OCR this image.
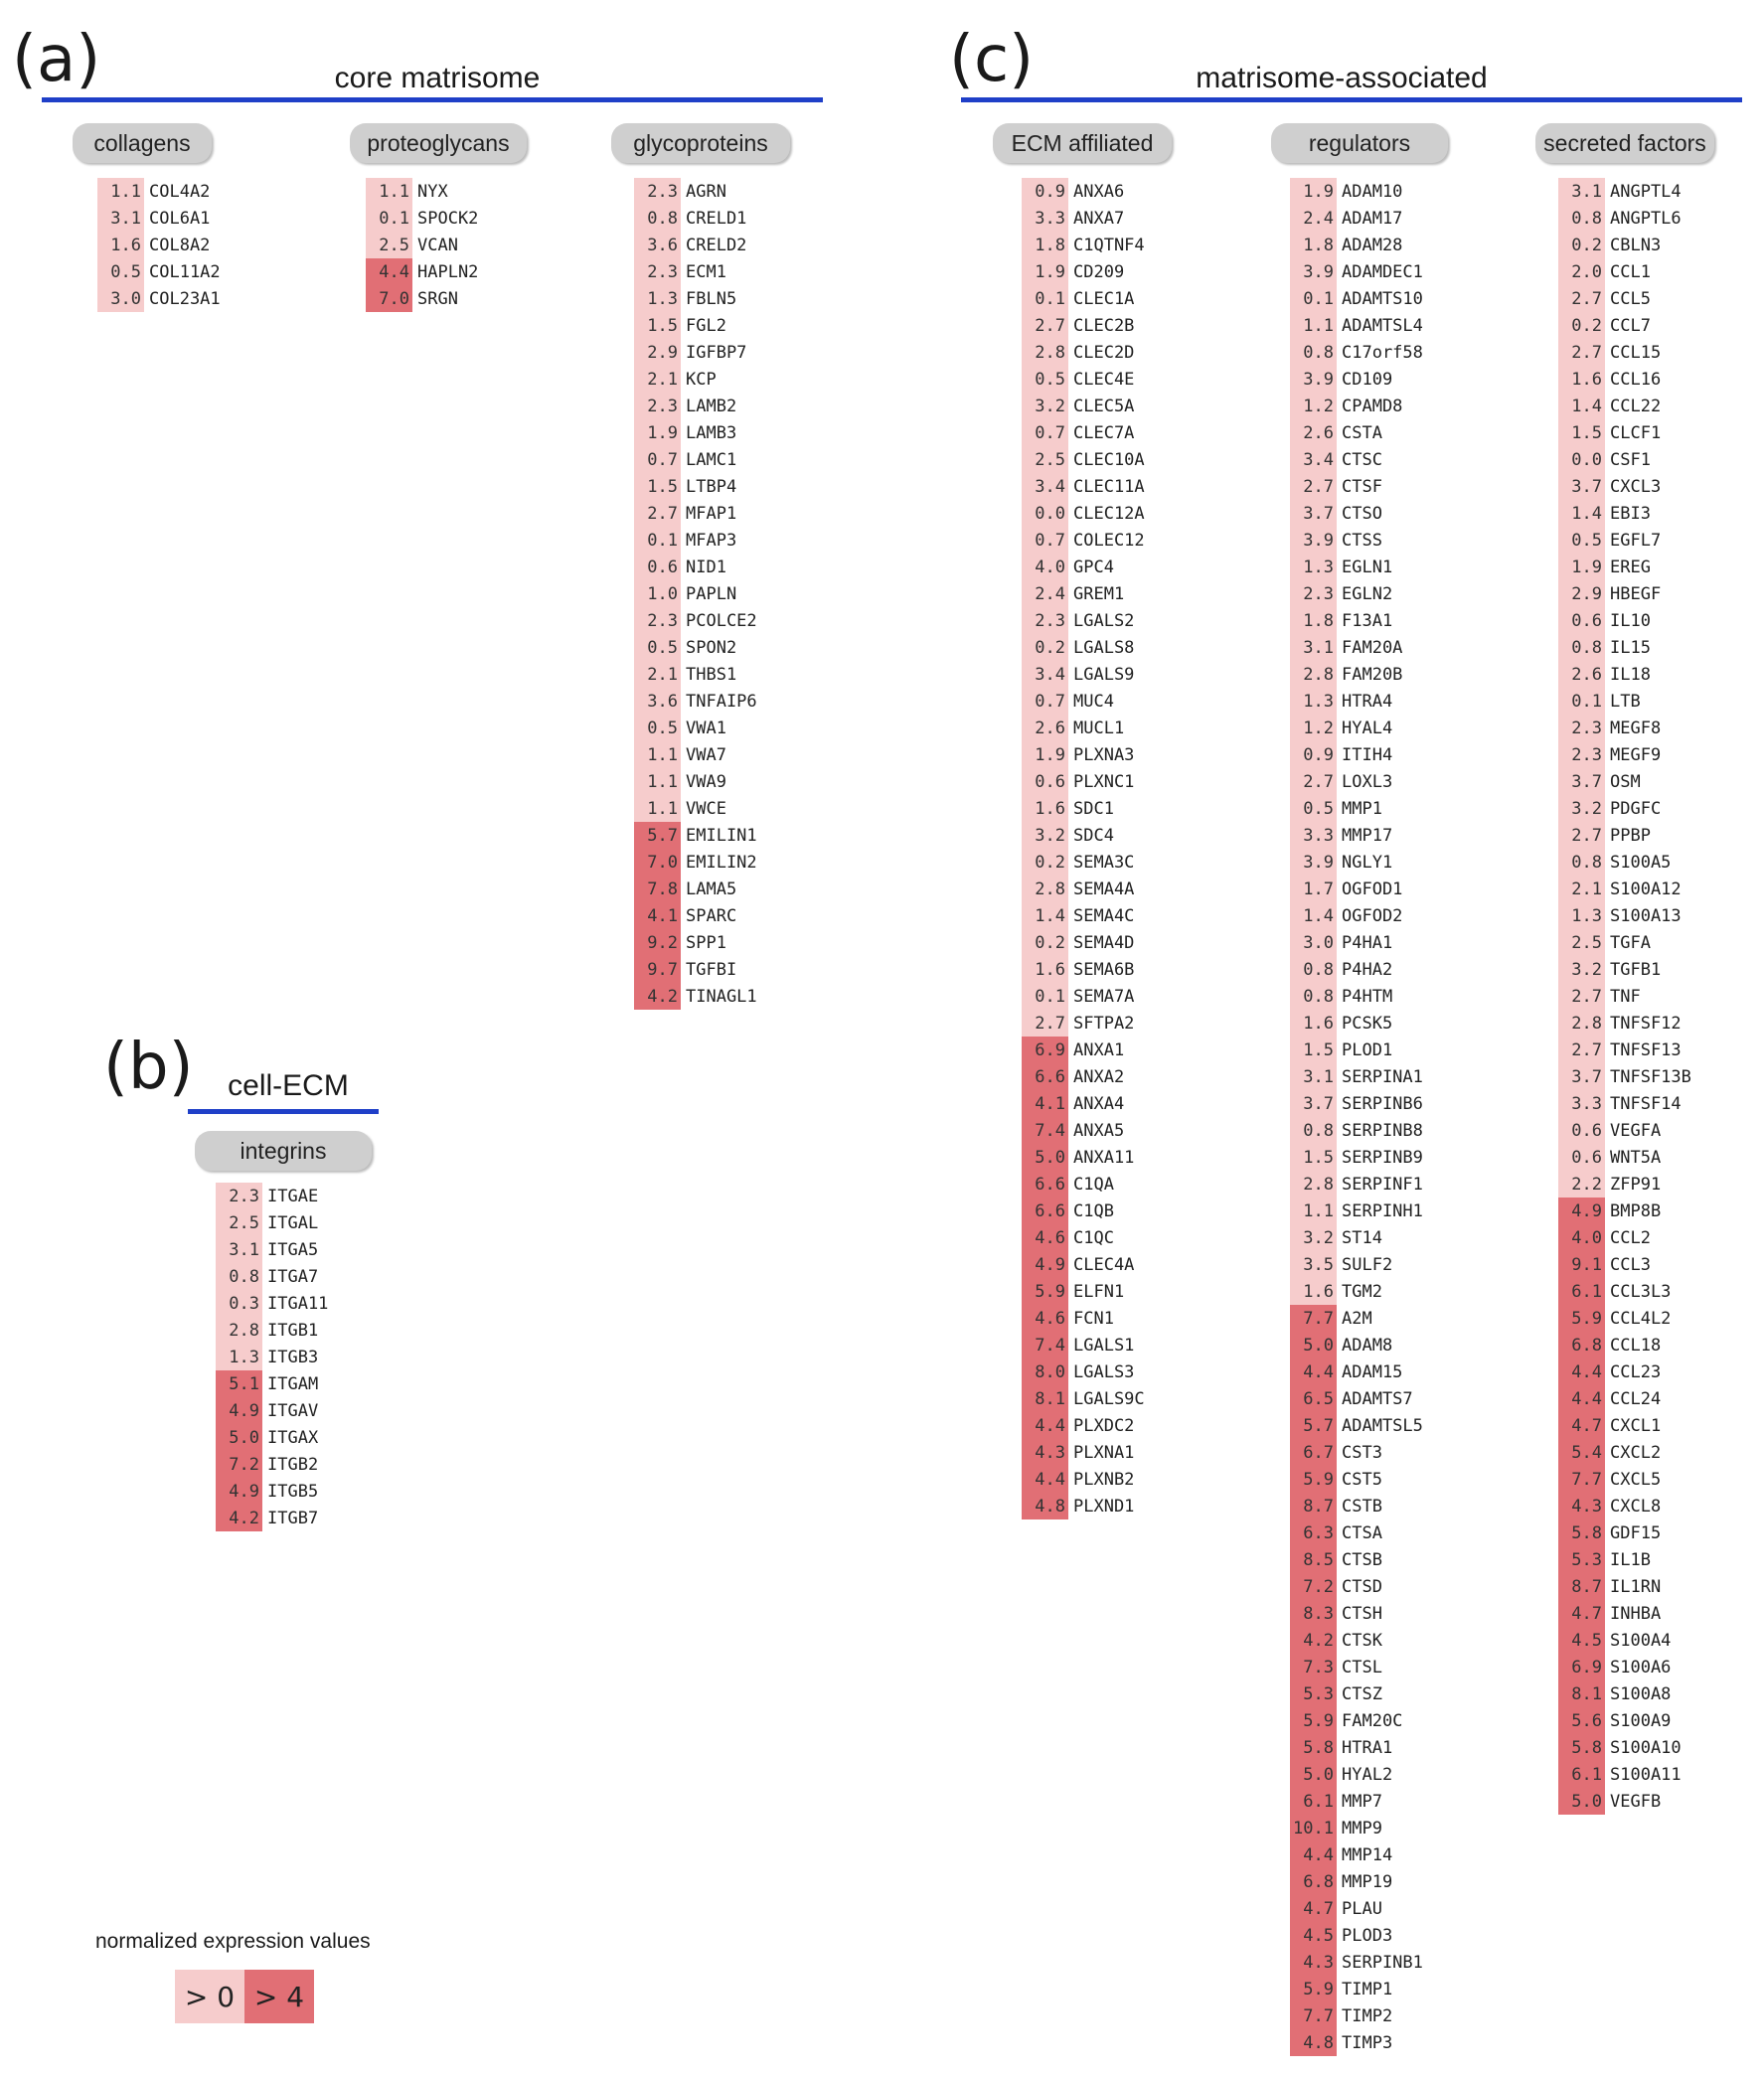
(a)	core matrisome
collagens	proteoglycans	glycoproteins
1.1 COL4A2
3.1 COL6A1
1.6 COL8A2
0.5 COL11A2
3.0 COL23A1
1.1 NYX
0.1 SPOCK2
2.5 VCAN
4.4 HAPLN2
7.0 SRGN
2.3 AGRN
0.8 CRELD1
3.6 CRELD2
2.3 ECM1
1.3 FBLN5
1.5 FGL2
2.9 IGFBP7
2.1 KCP
2.3 LAMB2
1.9 LAMB3
0.7 LAMC1
1.5 LTBP4
2.7 MFAP1
0.1 MFAP3
0.6 NID1
1.0 PAPLN
2.3 PCOLCE2
0.5 SPON2
2.1 THBS1
3.6 TNFAIP6
0.5 VWA1
1.1 VWA7
1.1 VWA9
1.1 VWCE
5.7 EMILIN1
7.0 EMILIN2
7.8 LAMA5
4.1 SPARC
9.2 SPP1
9.7 TGFBI
4.2 TINAGL1
(b)	cell-ECM
integrins
2.3 ITGAE
2.5 ITGAL
3.1 ITGA5
0.8 ITGA7
0.3 ITGA11
2.8 ITGB1
1.3 ITGB3
5.1 ITGAM
4.9 ITGAV
5.0 ITGAX
7.2 ITGB2
4.9 ITGB5
4.2 ITGB7
(c)	matrisome-associated
ECM affiliated	regulators	secreted factors
0.9 ANXA6
3.3 ANXA7
1.8 C1QTNF4
1.9 CD209
0.1 CLEC1A
2.7 CLEC2B
2.8 CLEC2D
0.5 CLEC4E
3.2 CLEC5A
0.7 CLEC7A
2.5 CLEC10A
3.4 CLEC11A
0.0 CLEC12A
0.7 COLEC12
4.0 GPC4
2.4 GREM1
2.3 LGALS2
0.2 LGALS8
3.4 LGALS9
0.7 MUC4
2.6 MUCL1
1.9 PLXNA3
0.6 PLXNC1
1.6 SDC1
3.2 SDC4
0.2 SEMA3C
2.8 SEMA4A
1.4 SEMA4C
0.2 SEMA4D
1.6 SEMA6B
0.1 SEMA7A
2.7 SFTPA2
6.9 ANXA1
6.6 ANXA2
4.1 ANXA4
7.4 ANXA5
5.0 ANXA11
6.6 C1QA
6.6 C1QB
4.6 C1QC
4.9 CLEC4A
5.9 ELFN1
4.6 FCN1
7.4 LGALS1
8.0 LGALS3
8.1 LGALS9C
4.4 PLXDC2
4.3 PLXNA1
4.4 PLXNB2
4.8 PLXND1
1.9 ADAM10
2.4 ADAM17
1.8 ADAM28
3.9 ADAMDEC1
0.1 ADAMTS10
1.1 ADAMTSL4
0.8 C17orf58
3.9 CD109
1.2 CPAMD8
2.6 CSTA
3.4 CTSC
2.7 CTSF
3.7 CTSO
3.9 CTSS
1.3 EGLN1
2.3 EGLN2
1.8 F13A1
3.1 FAM20A
2.8 FAM20B
1.3 HTRA4
1.2 HYAL4
0.9 ITIH4
2.7 LOXL3
0.5 MMP1
3.3 MMP17
3.9 NGLY1
1.7 OGFOD1
1.4 OGFOD2
3.0 P4HA1
0.8 P4HA2
0.8 P4HTM
1.6 PCSK5
1.5 PLOD1
3.1 SERPINA1
3.7 SERPINB6
0.8 SERPINB8
1.5 SERPINB9
2.8 SERPINF1
1.1 SERPINH1
3.2 ST14
3.5 SULF2
1.6 TGM2
7.7 A2M
5.0 ADAM8
4.4 ADAM15
6.5 ADAMTS7
5.7 ADAMTSL5
6.7 CST3
5.9 CST5
8.7 CSTB
6.3 CTSA
8.5 CTSB
7.2 CTSD
8.3 CTSH
4.2 CTSK
7.3 CTSL
5.3 CTSZ
5.9 FAM20C
5.8 HTRA1
5.0 HYAL2
6.1 MMP7
10.1 MMP9
4.4 MMP14
6.8 MMP19
4.7 PLAU
4.5 PLOD3
4.3 SERPINB1
5.9 TIMP1
7.7 TIMP2
4.8 TIMP3
3.1 ANGPTL4
0.8 ANGPTL6
0.2 CBLN3
2.0 CCL1
2.7 CCL5
0.2 CCL7
2.7 CCL15
1.6 CCL16
1.4 CCL22
1.5 CLCF1
0.0 CSF1
3.7 CXCL3
1.4 EBI3
0.5 EGFL7
1.9 EREG
2.9 HBEGF
0.6 IL10
0.8 IL15
2.6 IL18
0.1 LTB
2.3 MEGF8
2.3 MEGF9
3.7 OSM
3.2 PDGFC
2.7 PPBP
0.8 S100A5
2.1 S100A12
1.3 S100A13
2.5 TGFA
3.2 TGFB1
2.7 TNF
2.8 TNFSF12
2.7 TNFSF13
3.7 TNFSF13B
3.3 TNFSF14
0.6 VEGFA
0.6 WNT5A
2.2 ZFP91
4.9 BMP8B
4.0 CCL2
9.1 CCL3
6.1 CCL3L3
5.9 CCL4L2
6.8 CCL18
4.4 CCL23
4.4 CCL24
4.7 CXCL1
5.4 CXCL2
7.7 CXCL5
4.3 CXCL8
5.8 GDF15
5.3 IL1B
8.7 IL1RN
4.7 INHBA
4.5 S100A4
6.9 S100A6
8.1 S100A8
5.6 S100A9
5.8 S100A10
6.1 S100A11
5.0 VEGFB
normalized expression values
> 0 > 4
